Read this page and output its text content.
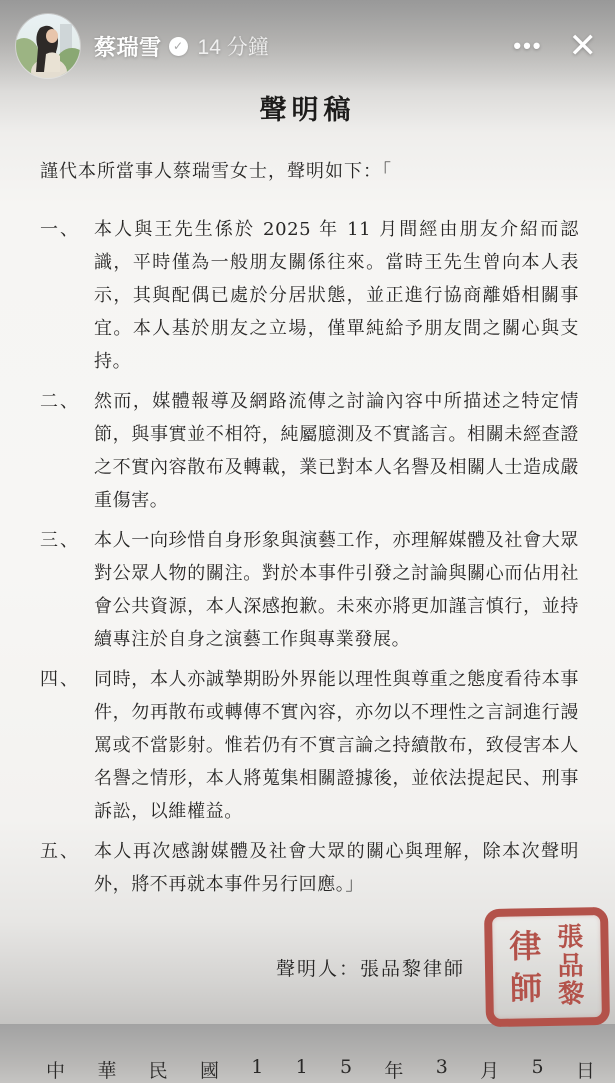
蔡瑞雪 ✓ 14 分鐘	••• ✕
聲明稿

謹代本所當事人蔡瑞雪女士，聲明如下：「

一、 本人與王先生係於 2025 年 11 月間經由朋友介紹而認識，平時僅為一般朋友關係往來。當時王先生曾向本人表示，其與配偶已處於分居狀態，並正進行協商離婚相關事宜。本人基於朋友之立場，僅單純給予朋友間之關心與支持。
二、 然而，媒體報導及網路流傳之討論內容中所描述之特定情節，與事實並不相符，純屬臆測及不實謠言。相關未經查證之不實內容散布及轉載，業已對本人名譽及相關人士造成嚴重傷害。
三、 本人一向珍惜自身形象與演藝工作，亦理解媒體及社會大眾對公眾人物的關注。對於本事件引發之討論與關心而佔用社會公共資源，本人深感抱歉。未來亦將更加謹言慎行，並持續專注於自身之演藝工作與專業發展。
四、 同時，本人亦誠摯期盼外界能以理性與尊重之態度看待本事件，勿再散布或轉傳不實內容，亦勿以不理性之言詞進行謾罵或不當影射。惟若仍有不實言論之持續散布，致侵害本人名譽之情形，本人將蒐集相關證據後，並依法提起民、刑事訴訟，以維權益。
五、 本人再次感謝媒體及社會大眾的關心與理解，除本次聲明外，將不再就本事件另行回應。」
聲明人：張品黎律師
張品黎
律師
中 華 民 國 1 1 5 年 3 月 5 日
